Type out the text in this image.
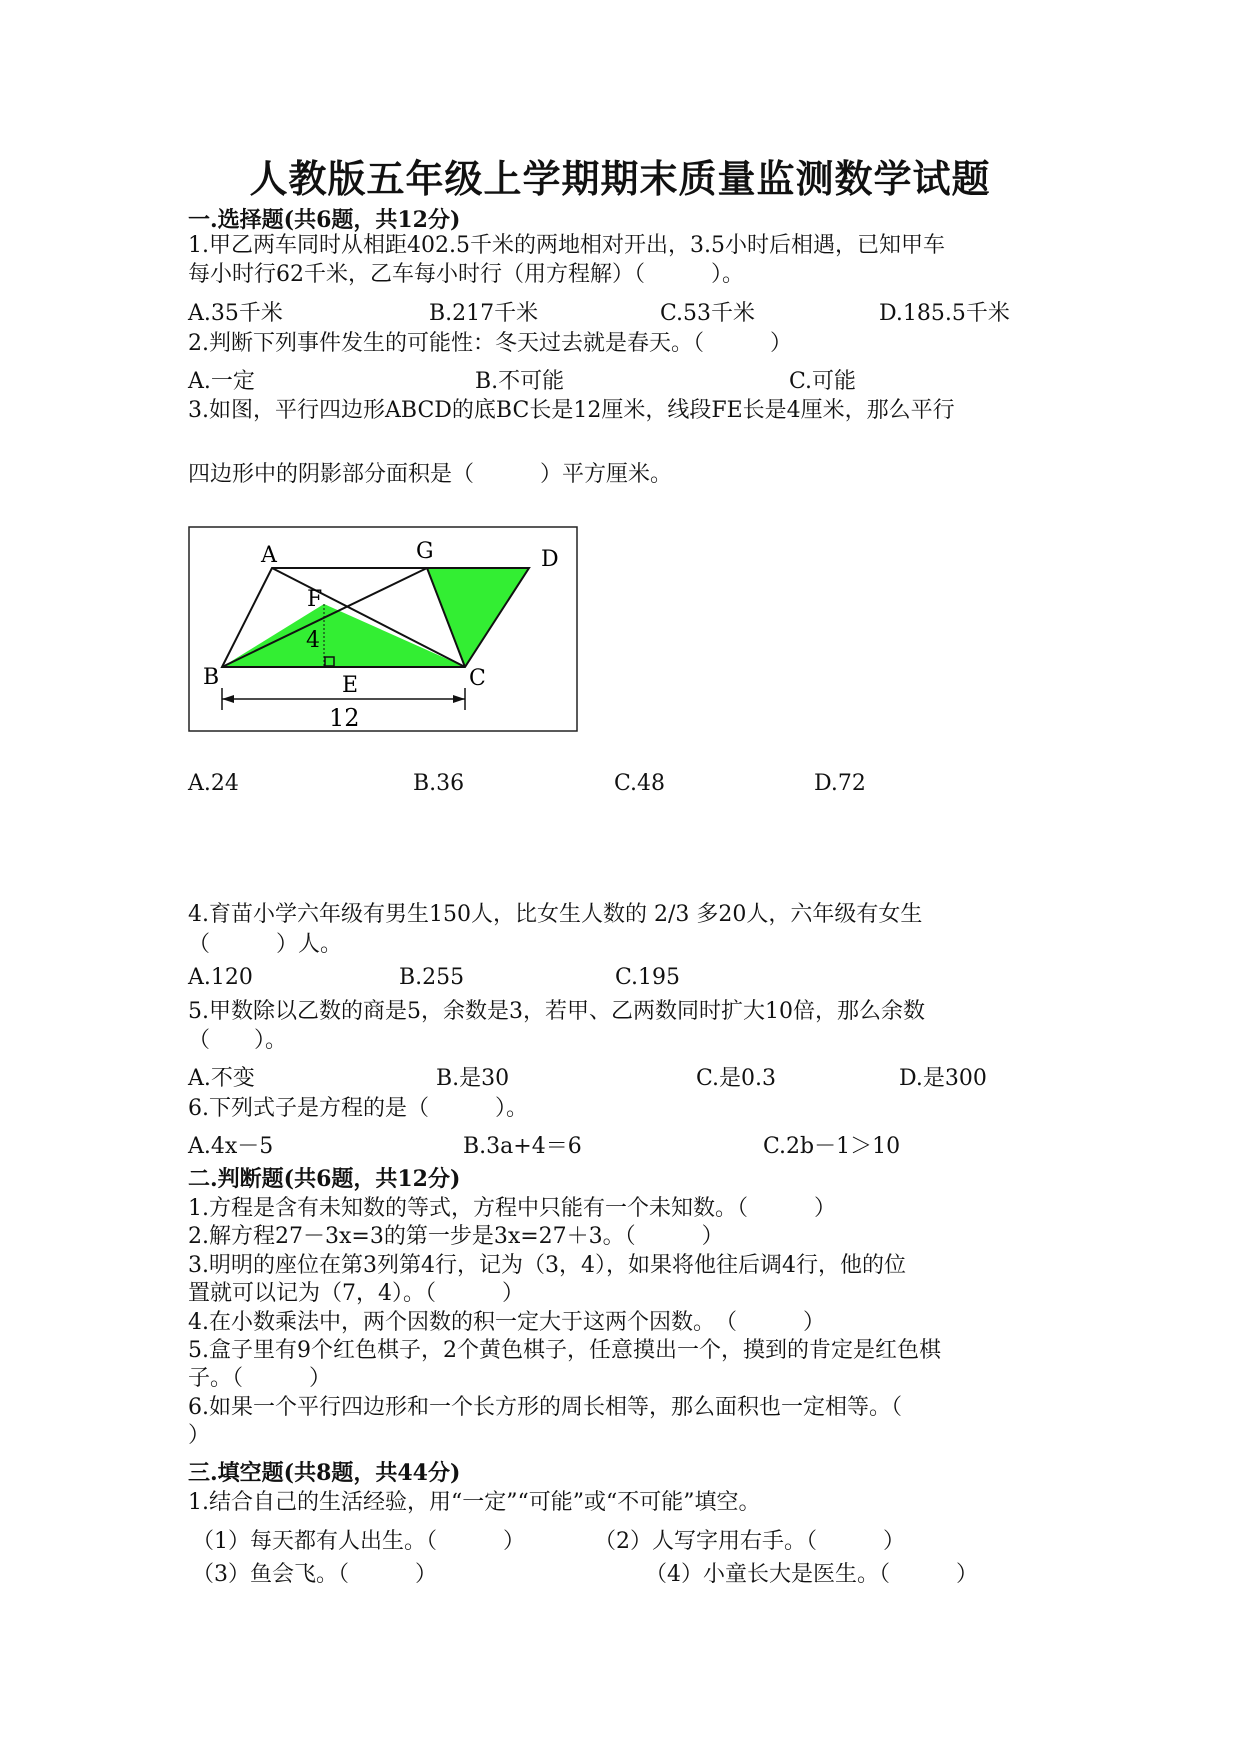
人教版五年级上学期期末质量监测数学试题
一.选择题(共6题，共12分)
1.甲乙两车同时从相距402.5千米的两地相对开出，3.5小时后相遇，已知甲车
每小时行62千米，乙车每小时行（用方程解）（　　　）。
A.35千米	B.217千米	C.53千米	D.185.5千米
2.判断下列事件发生的可能性：冬天过去就是春天。（　　　）
A.一定	B.不可能	C.可能
3.如图，平行四边形ABCD的底BC长是12厘米，线段FE长是4厘米，那么平行
四边形中的阴影部分面积是（　　　）平方厘米。
A	G	D
F
4
B	E	C
12
A.24	B.36	C.48	D.72
4.育苗小学六年级有男生150人，比女生人数的 2/3 多20人，六年级有女生
（　　　）人。
A.120	B.255	C.195
5.甲数除以乙数的商是5，余数是3，若甲、乙两数同时扩大10倍，那么余数
（　　）。
A.不变	B.是30	C.是0.3	D.是300
6.下列式子是方程的是（　　　）。
A.4x－5	B.3a+4＝6	C.2b－1＞10
二.判断题(共6题，共12分)
1.方程是含有未知数的等式，方程中只能有一个未知数。（　　　）
2.解方程27－3x=3的第一步是3x=27＋3。（　　　）
3.明明的座位在第3列第4行，记为（3，4），如果将他往后调4行，他的位
置就可以记为（7，4）。（　　　）
4.在小数乘法中，两个因数的积一定大于这两个因数。　（　　　）
5.盒子里有9个红色棋子，2个黄色棋子，任意摸出一个，摸到的肯定是红色棋
子。（　　　）
6.如果一个平行四边形和一个长方形的周长相等，那么面积也一定相等。（
）
三.填空题(共8题，共44分)
1.结合自己的生活经验，用“一定”“可能”或“不可能”填空。
（1）每天都有人出生。（　　　）	（2）人写字用右手。（　　　）
（3）鱼会飞。（　　　）	（4）小童长大是医生。（　　　）
